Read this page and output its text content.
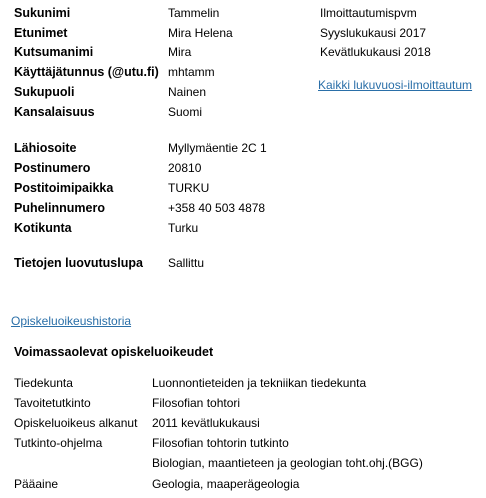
Sukunimi	Tammelin
Etunimet	Mira Helena
Kutsumanimi	Mira
Käyttäjätunnus (@utu.fi) mhtamm
Sukupuoli	Nainen
Kansalaisuus	Suomi
Ilmoittautumispvm
Syyslukukausi 2017
Kevätlukukausi 2018
Kaikki lukuvuosi-ilmoittautum
Lähiosoite	Myllymäentie 2C 1
Postinumero	20810
Postitoimipaikka	TURKU
Puhelinnumero	+358 40 503 4878
Kotikunta	Turku
Tietojen luovutuslupa Sallittu
Opiskeluoikeushistoria
Voimassaolevat opiskeluoikeudet
Tiedekunta	Luonnontieteiden ja tekniikan tiedekunta
Tavoitetutkinto	Filosofian tohtori
Opiskeluoikeus alkanut 2011 kevätlukukausi
Tutkinto-ohjelma	Filosofian tohtorin tutkinto
Biologian, maantieteen ja geologian toht.ohj.(BGG)
Pääaine	Geologia, maaperägeologia
